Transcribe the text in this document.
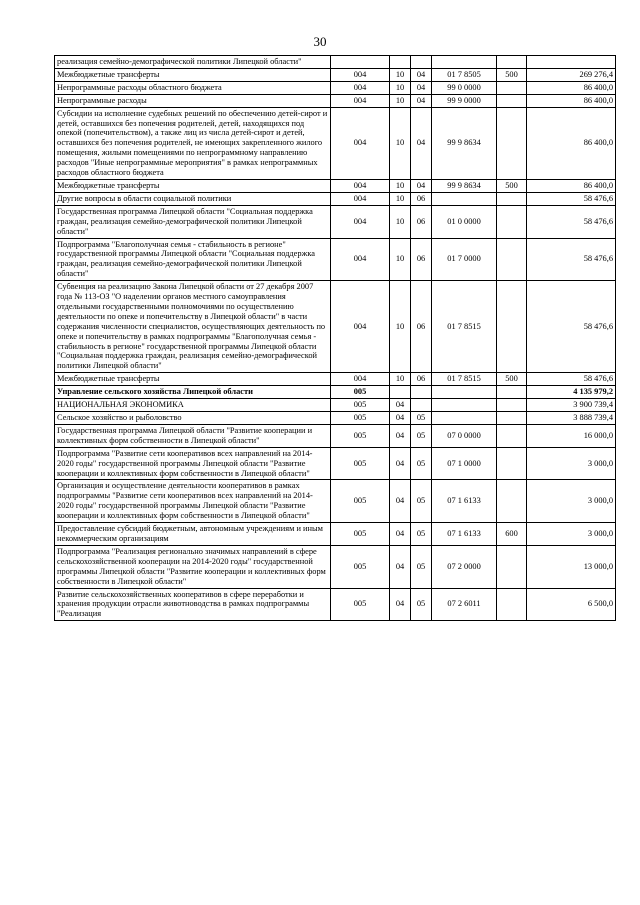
30
реализация семейно-демографической политики Липецкой области"						
Межбюджетные трансферты	004	10	04	01 7 8505	500	269 276,4
Непрограммные расходы областного бюджета	004	10	04	99 0 0000		86 400,0
Непрограммные расходы	004	10	04	99 9 0000		86 400,0
Субсидии на исполнение судебных решений по обеспечению детей-сирот и детей, оставшихся без попечения родителей, детей, находящихся под опекой (попечительством), а также лиц из числа детей-сирот и детей, оставшихся без попечения родителей, не имеющих закрепленного жилого помещения, жилыми помещениями по непрограммному направлению расходов "Иные непрограммные мероприятия" в рамках непрограммных расходов областного бюджета	004	10	04	99 9 8634		86 400,0
Межбюджетные трансферты	004	10	04	99 9 8634	500	86 400,0
Другие вопросы в области социальной политики	004	10	06			58 476,6
Государственная программа Липецкой области "Социальная поддержка граждан, реализация семейно-демографической политики Липецкой области"	004	10	06	01 0 0000		58 476,6
Подпрограмма "Благополучная семья - стабильность в регионе" государственной программы Липецкой области "Социальная поддержка граждан, реализация семейно-демографической политики Липецкой области"	004	10	06	01 7 0000		58 476,6
Субвенция на реализацию Закона Липецкой области от 27 декабря 2007 года № 113-ОЗ "О наделении органов местного самоуправления отдельными государственными полномочиями по осуществлению деятельности по опеке и попечительству в Липецкой области" в части содержания численности специалистов, осуществляющих деятельность по опеке и попечительству в рамках подпрограммы "Благополучная семья - стабильность в регионе" государственной программы Липецкой области "Социальная поддержка граждан, реализация семейно-демографической политики Липецкой области"	004	10	06	01 7 8515		58 476,6
Межбюджетные трансферты	004	10	06	01 7 8515	500	58 476,6
Управление сельского хозяйства Липецкой области	005					4 135 979,2
НАЦИОНАЛЬНАЯ ЭКОНОМИКА	005	04				3 900 739,4
Сельское хозяйство и рыболовство	005	04	05			3 888 739,4
Государственная программа Липецкой области "Развитие кооперации и коллективных форм собственности в Липецкой области"	005	04	05	07 0 0000		16 000,0
Подпрограмма "Развитие сети кооперативов всех направлений на 2014-2020 годы" государственной программы Липецкой области "Развитие кооперации и коллективных форм собственности в Липецкой области"	005	04	05	07 1 0000		3 000,0
Организация и осуществление деятельности кооперативов в рамках подпрограммы "Развитие сети кооперативов всех направлений на 2014-2020 годы" государственной программы Липецкой области "Развитие кооперации и коллективных форм собственности в Липецкой области"	005	04	05	07 1 6133		3 000,0
Предоставление субсидий бюджетным, автономным учреждениям и иным некоммерческим организациям	005	04	05	07 1 6133	600	3 000,0
Подпрограмма "Реализация регионально значимых направлений в сфере сельскохозяйственной кооперации на 2014-2020 годы" государственной программы Липецкой области "Развитие кооперации и коллективных форм собственности в Липецкой области"	005	04	05	07 2 0000		13 000,0
Развитие сельскохозяйственных кооперативов в сфере переработки и хранения продукции отрасли животноводства в рамках подпрограммы "Реализация	005	04	05	07 2 6011		6 500,0
